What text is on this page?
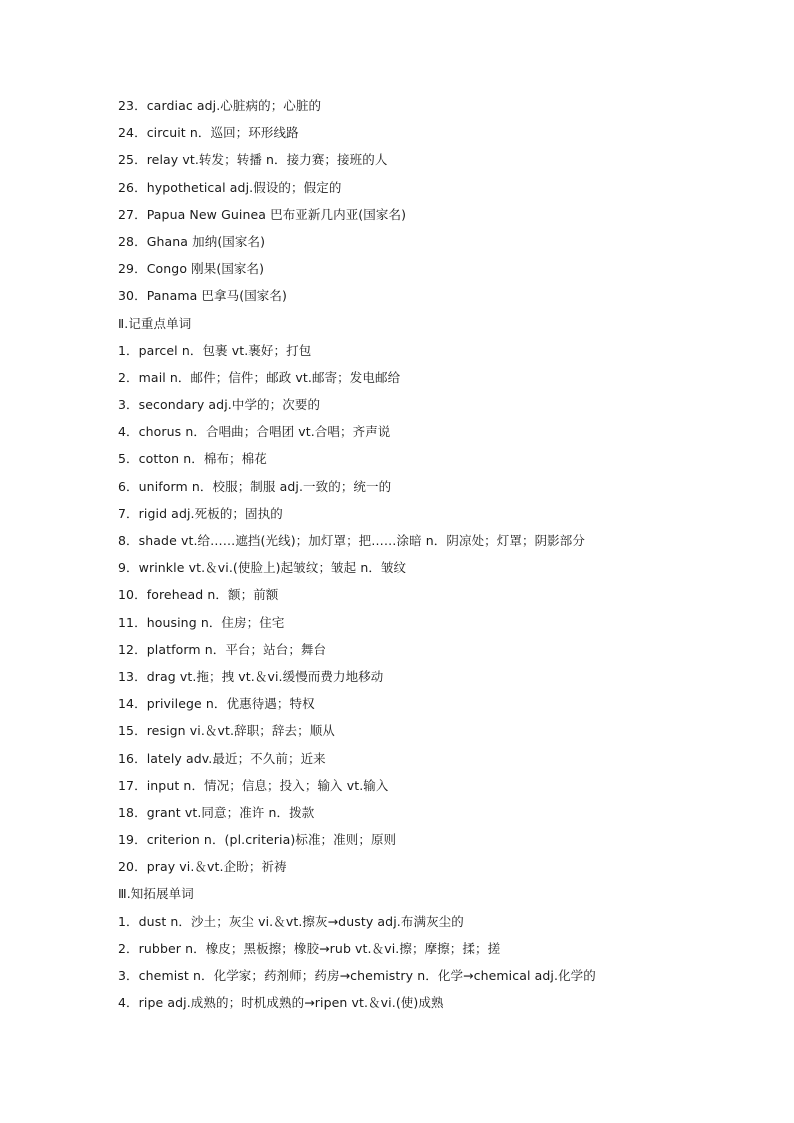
23．cardiac adj.心脏病的；心脏的
24．circuit n．巡回；环形线路
25．relay vt.转发；转播 n．接力赛；接班的人
26．hypothetical adj.假设的；假定的
27．Papua New Guinea 巴布亚新几内亚(国家名)
28．Ghana 加纳(国家名)
29．Congo 刚果(国家名)
30．Panama 巴拿马(国家名)
Ⅱ.记重点单词
1．parcel n．包裹 vt.裹好；打包
2．mail n．邮件；信件；邮政 vt.邮寄；发电邮给
3．secondary adj.中学的；次要的
4．chorus n．合唱曲；合唱团 vt.合唱；齐声说
5．cotton n．棉布；棉花
6．uniform n．校服；制服 adj.一致的；统一的
7．rigid adj.死板的；固执的
8．shade vt.给……遮挡(光线)；加灯罩；把……涂暗 n．阴凉处；灯罩；阴影部分
9．wrinkle vt.＆vi.(使脸上)起皱纹；皱起 n．皱纹
10．forehead n．额；前额
11．housing n．住房；住宅
12．platform n．平台；站台；舞台
13．drag vt.拖；拽 vt.＆vi.缓慢而费力地移动
14．privilege n．优惠待遇；特权
15．resign vi.＆vt.辞职；辞去；顺从
16．lately adv.最近；不久前；近来
17．input n．情况；信息；投入；输入 vt.输入
18．grant vt.同意；准许 n．拨款
19．criterion n．(pl.criteria)标准；准则；原则
20．pray vi.＆vt.企盼；祈祷
Ⅲ.知拓展单词
1．dust n．沙土；灰尘 vi.＆vt.擦灰→dusty adj.布满灰尘的
2．rubber n．橡皮；黑板擦；橡胶→rub vt.＆vi.擦；摩擦；揉；搓
3．chemist n．化学家；药剂师；药房→chemistry n．化学→chemical adj.化学的
4．ripe adj.成熟的；时机成熟的→ripen vt.＆vi.(使)成熟
